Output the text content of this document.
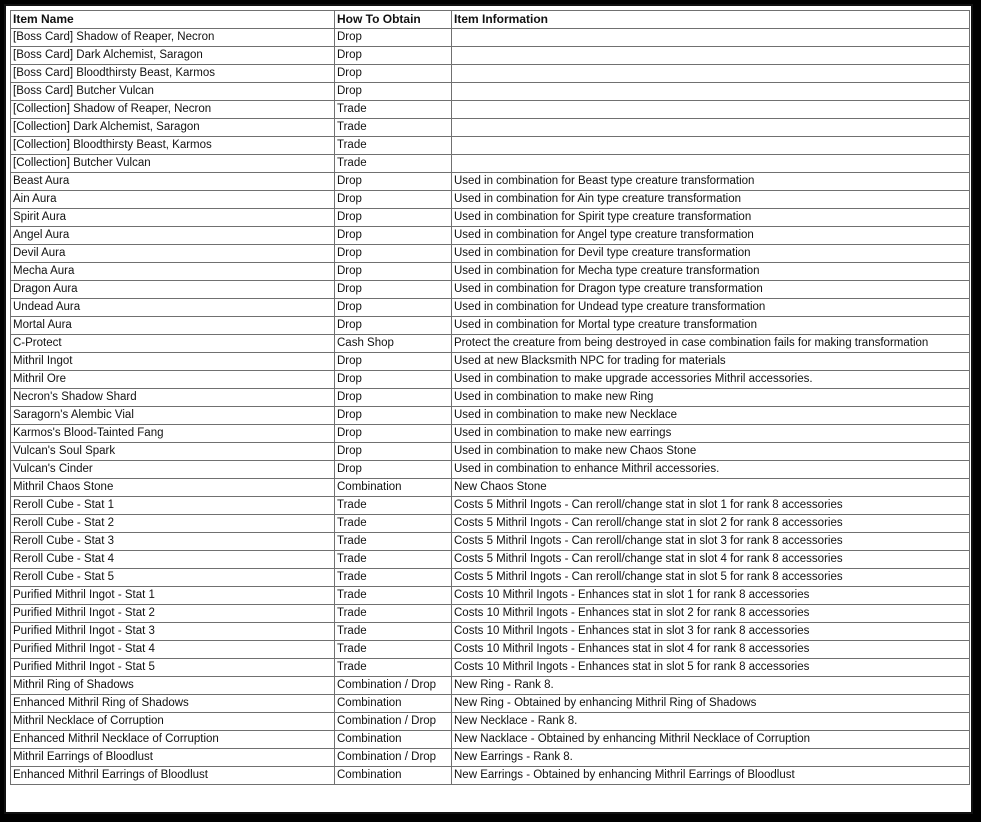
Item Name	How To Obtain	Item Information
[Boss Card] Shadow of Reaper, Necron	Drop	
[Boss Card] Dark Alchemist, Saragon	Drop	
[Boss Card] Bloodthirsty Beast, Karmos	Drop	
[Boss Card] Butcher Vulcan	Drop	
[Collection] Shadow of Reaper, Necron	Trade	
[Collection] Dark Alchemist, Saragon	Trade	
[Collection] Bloodthirsty Beast, Karmos	Trade	
[Collection] Butcher Vulcan	Trade	
Beast Aura	Drop	Used in combination for Beast type creature transformation
Ain Aura	Drop	Used in combination for Ain type creature transformation
Spirit Aura	Drop	Used in combination for Spirit type creature transformation
Angel Aura	Drop	Used in combination for Angel type creature transformation
Devil Aura	Drop	Used in combination for Devil type creature transformation
Mecha Aura	Drop	Used in combination for Mecha type creature transformation
Dragon Aura	Drop	Used in combination for Dragon type creature transformation
Undead Aura	Drop	Used in combination for Undead type creature transformation
Mortal Aura	Drop	Used in combination for Mortal type creature transformation
C-Protect	Cash Shop	Protect the creature from being destroyed in case combination fails for making transformation
Mithril Ingot	Drop	Used at new Blacksmith NPC for trading for materials
Mithril Ore	Drop	Used in combination to make upgrade accessories Mithril accessories.
Necron's Shadow Shard	Drop	Used in combination to make new Ring
Saragorn's Alembic Vial	Drop	Used in combination to make new Necklace
Karmos's Blood-Tainted Fang	Drop	Used in combination to make new earrings
Vulcan's Soul Spark	Drop	Used in combination to make new Chaos Stone
Vulcan's Cinder	Drop	Used in combination to enhance Mithril accessories.
Mithril Chaos Stone	Combination	New Chaos Stone
Reroll Cube - Stat 1	Trade	Costs 5 Mithril Ingots - Can reroll/change stat in slot 1 for rank 8 accessories
Reroll Cube - Stat 2	Trade	Costs 5 Mithril Ingots - Can reroll/change stat in slot 2 for rank 8 accessories
Reroll Cube - Stat 3	Trade	Costs 5 Mithril Ingots - Can reroll/change stat in slot 3 for rank 8 accessories
Reroll Cube - Stat 4	Trade	Costs 5 Mithril Ingots - Can reroll/change stat in slot 4 for rank 8 accessories
Reroll Cube - Stat 5	Trade	Costs 5 Mithril Ingots - Can reroll/change stat in slot 5 for rank 8 accessories
Purified Mithril Ingot - Stat 1	Trade	Costs 10 Mithril Ingots - Enhances stat in slot 1 for rank 8 accessories
Purified Mithril Ingot - Stat 2	Trade	Costs 10 Mithril Ingots - Enhances stat in slot 2 for rank 8 accessories
Purified Mithril Ingot - Stat 3	Trade	Costs 10 Mithril Ingots - Enhances stat in slot 3 for rank 8 accessories
Purified Mithril Ingot - Stat 4	Trade	Costs 10 Mithril Ingots - Enhances stat in slot 4 for rank 8 accessories
Purified Mithril Ingot - Stat 5	Trade	Costs 10 Mithril Ingots - Enhances stat in slot 5 for rank 8 accessories
Mithril Ring of Shadows	Combination / Drop	New Ring - Rank 8.
Enhanced Mithril Ring of Shadows	Combination	New Ring - Obtained by enhancing Mithril Ring of Shadows
Mithril Necklace of Corruption	Combination / Drop	New Necklace - Rank 8.
Enhanced Mithril Necklace of Corruption	Combination	New Nacklace - Obtained by enhancing Mithril Necklace of Corruption
Mithril Earrings of Bloodlust	Combination / Drop	New Earrings - Rank 8.
Enhanced Mithril Earrings of Bloodlust	Combination	New Earrings - Obtained by enhancing Mithril Earrings of Bloodlust
